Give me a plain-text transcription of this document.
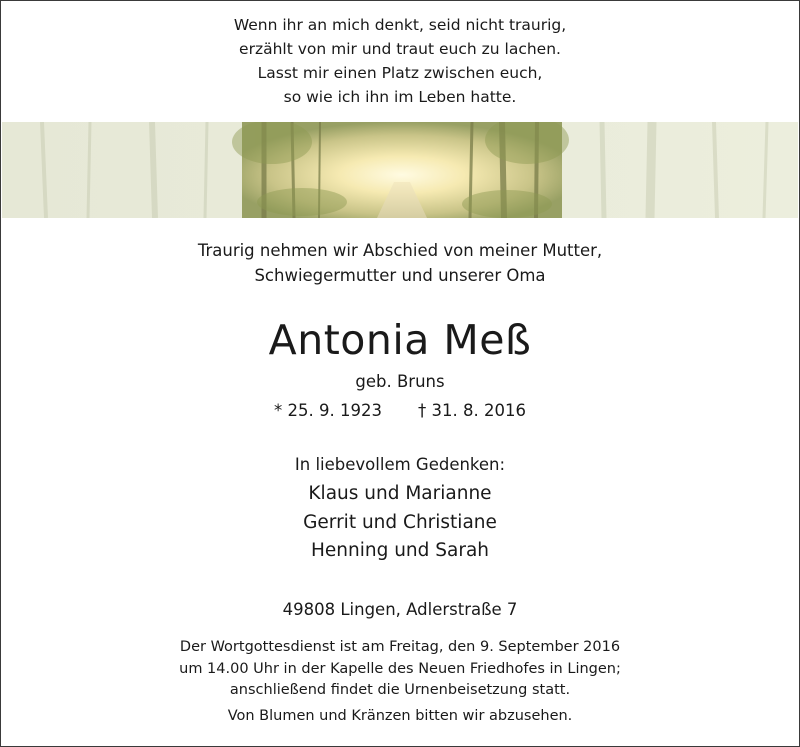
Wenn ihr an mich denkt, seid nicht traurig,
erzählt von mir und traut euch zu lachen.
Lasst mir einen Platz zwischen euch,
so wie ich ihn im Leben hatte.
Traurig nehmen wir Abschied von meiner Mutter,
Schwiegermutter und unserer Oma
Antonia Meß
geb. Bruns
* 25. 9. 1923 † 31. 8. 2016
In liebevollem Gedenken:
Klaus und Marianne
Gerrit und Christiane
Henning und Sarah
49808 Lingen, Adlerstraße 7
Der Wortgottesdienst ist am Freitag, den 9. September 2016
um 14.00 Uhr in der Kapelle des Neuen Friedhofes in Lingen;
anschließend findet die Urnenbeisetzung statt.
Von Blumen und Kränzen bitten wir abzusehen.
